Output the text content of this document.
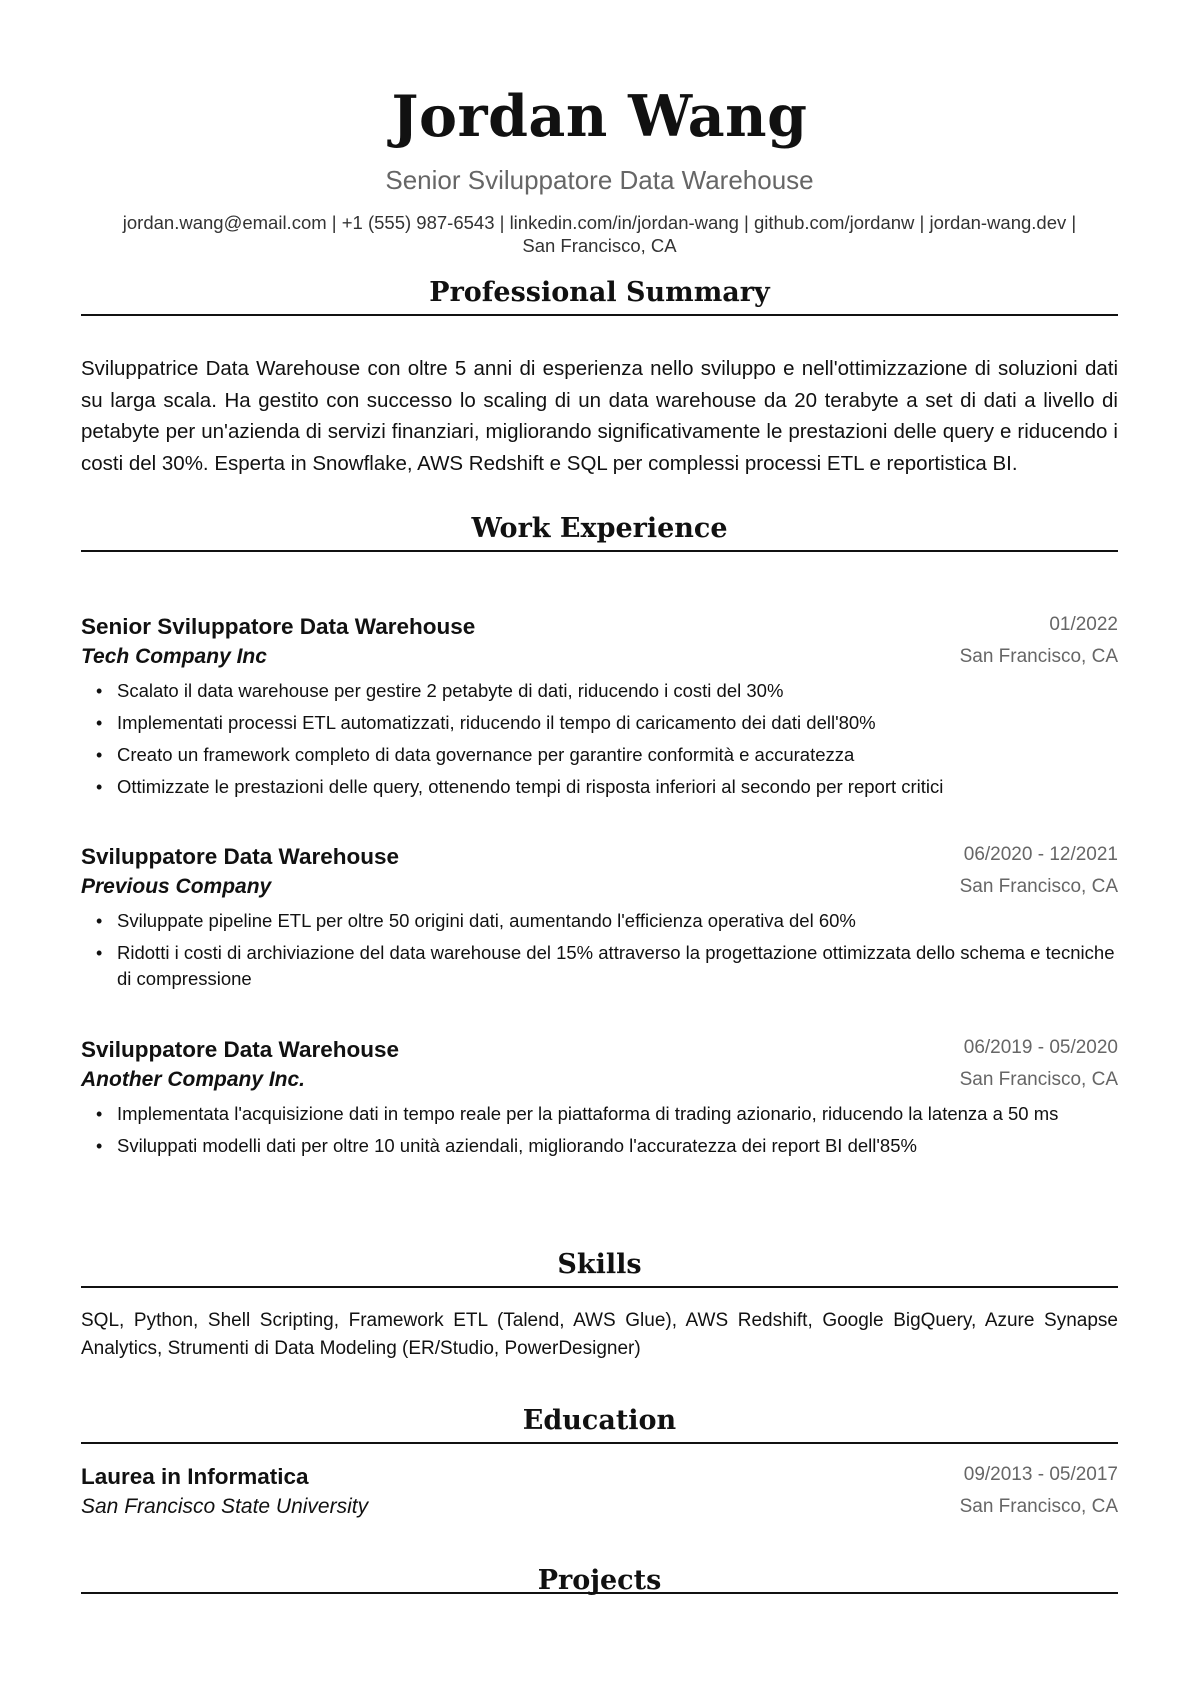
Jordan Wang
Senior Sviluppatore Data Warehouse
jordan.wang@email.com | +1 (555) 987-6543 | linkedin.com/in/jordan-wang | github.com/jordanw | jordan-wang.dev |
San Francisco, CA
Professional Summary
Sviluppatrice Data Warehouse con oltre 5 anni di esperienza nello sviluppo e nell'ottimizzazione di soluzioni dati su larga scala. Ha gestito con successo lo scaling di un data warehouse da 20 terabyte a set di dati a livello di petabyte per un'azienda di servizi finanziari, migliorando significativamente le prestazioni delle query e riducendo i costi del 30%. Esperta in Snowflake, AWS Redshift e SQL per complessi processi ETL e reportistica BI.
Work Experience
Senior Sviluppatore Data Warehouse	01/2022
Tech Company Inc	San Francisco, CA
• Scalato il data warehouse per gestire 2 petabyte di dati, riducendo i costi del 30%
• Implementati processi ETL automatizzati, riducendo il tempo di caricamento dei dati dell'80%
• Creato un framework completo di data governance per garantire conformità e accuratezza
• Ottimizzate le prestazioni delle query, ottenendo tempi di risposta inferiori al secondo per report critici
Sviluppatore Data Warehouse	06/2020 - 12/2021
Previous Company	San Francisco, CA
• Sviluppate pipeline ETL per oltre 50 origini dati, aumentando l'efficienza operativa del 60%
• Ridotti i costi di archiviazione del data warehouse del 15% attraverso la progettazione ottimizzata dello schema e tecniche di compressione
Sviluppatore Data Warehouse	06/2019 - 05/2020
Another Company Inc.	San Francisco, CA
• Implementata l'acquisizione dati in tempo reale per la piattaforma di trading azionario, riducendo la latenza a 50 ms
• Sviluppati modelli dati per oltre 10 unità aziendali, migliorando l'accuratezza dei report BI dell'85%
Skills
SQL, Python, Shell Scripting, Framework ETL (Talend, AWS Glue), AWS Redshift, Google BigQuery, Azure Synapse Analytics, Strumenti di Data Modeling (ER/Studio, PowerDesigner)
Education
Laurea in Informatica	09/2013 - 05/2017
San Francisco State University	San Francisco, CA
Projects
